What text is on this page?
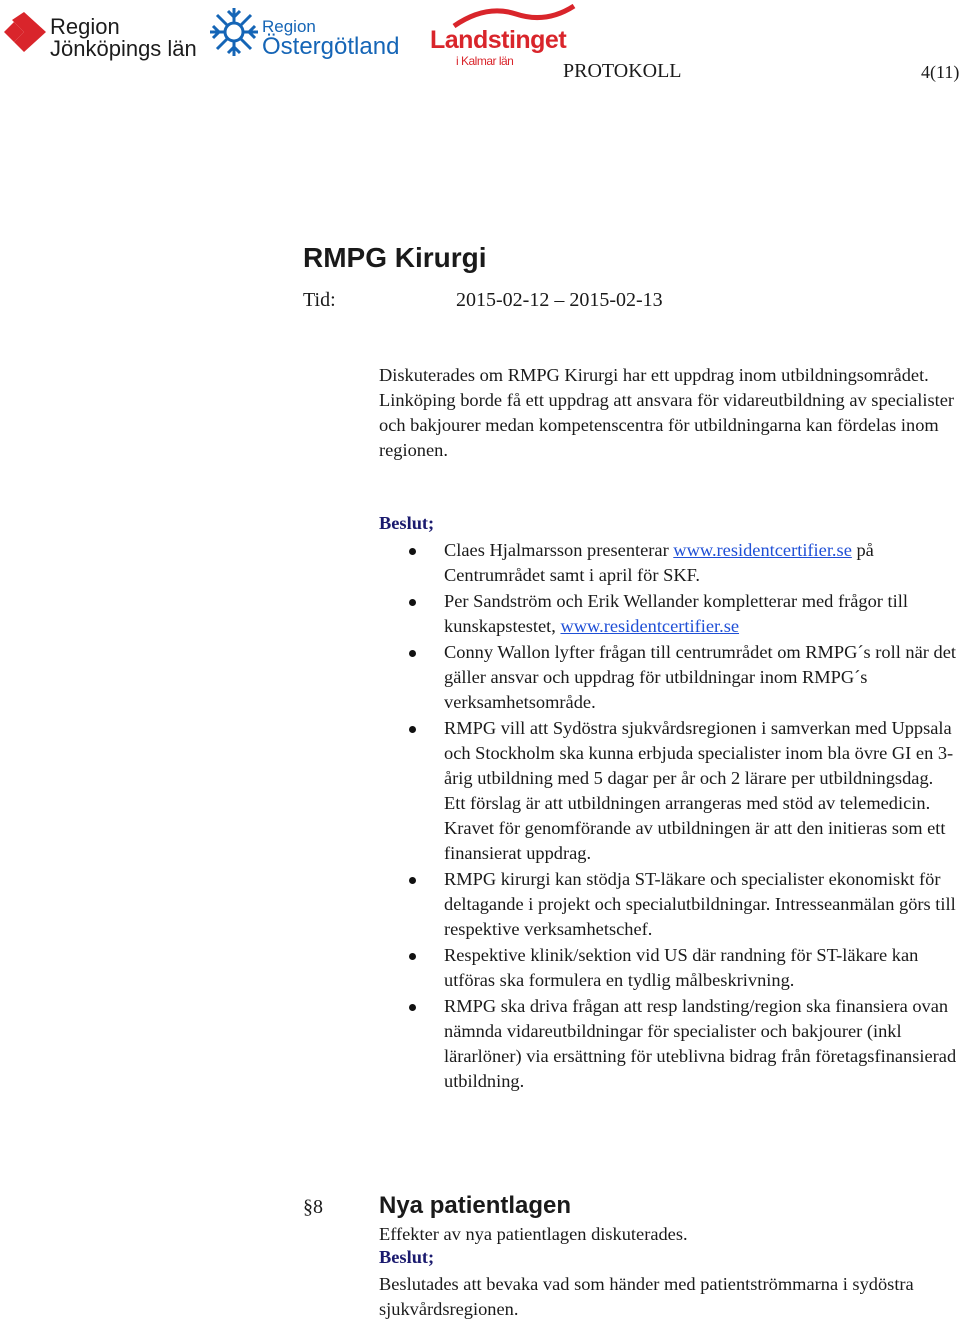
Region
Jönköpings län
Region
Östergötland Landstinget
i Kalmar län	PROTOKOLL	4(11)
RMPG Kirurgi
Tid:	2015-02-12 – 2015-02-13
Diskuterades om RMPG Kirurgi har ett uppdrag inom utbildningsområdet.
Linköping borde få ett uppdrag att ansvara för vidareutbildning av specialister och bakjourer medan kompetenscentra för utbildningarna kan fördelas inom regionen.
Beslut;
Claes Hjalmarsson presenterar www.residentcertifier.se på Centrumrådet samt i april för SKF.
Per Sandström och Erik Wellander kompletterar med frågor till kunskapstestet, www.residentcertifier.se
Conny Wallon lyfter frågan till centrumrådet om RMPG´s roll när det gäller ansvar och uppdrag för utbildningar inom RMPG´s verksamhetsområde.
RMPG vill att Sydöstra sjukvårdsregionen i samverkan med Uppsala och Stockholm ska kunna erbjuda specialister inom bla övre GI en 3-årig utbildning med 5 dagar per år och 2 lärare per utbildningsdag. Ett förslag är att utbildningen arrangeras med stöd av telemedicin. Kravet för genomförande av utbildningen är att den initieras som ett finansierat uppdrag.
RMPG kirurgi kan stödja ST-läkare och specialister ekonomiskt för deltagande i projekt och specialutbildningar. Intresseanmälan görs till respektive verksamhetschef.
Respektive klinik/sektion vid US där randning för ST-läkare kan utföras ska formulera en tydlig målbeskrivning.
RMPG ska driva frågan att resp landsting/region ska finansiera ovan nämnda vidareutbildningar för specialister och bakjourer (inkl lärarlöner) via ersättning för uteblivna bidrag från företagsfinansierad utbildning.
§8 Nya patientlagen
Effekter av nya patientlagen diskuterades.
Beslut;
Beslutades att bevaka vad som händer med patientströmmarna i sydöstra sjukvårdsregionen.
